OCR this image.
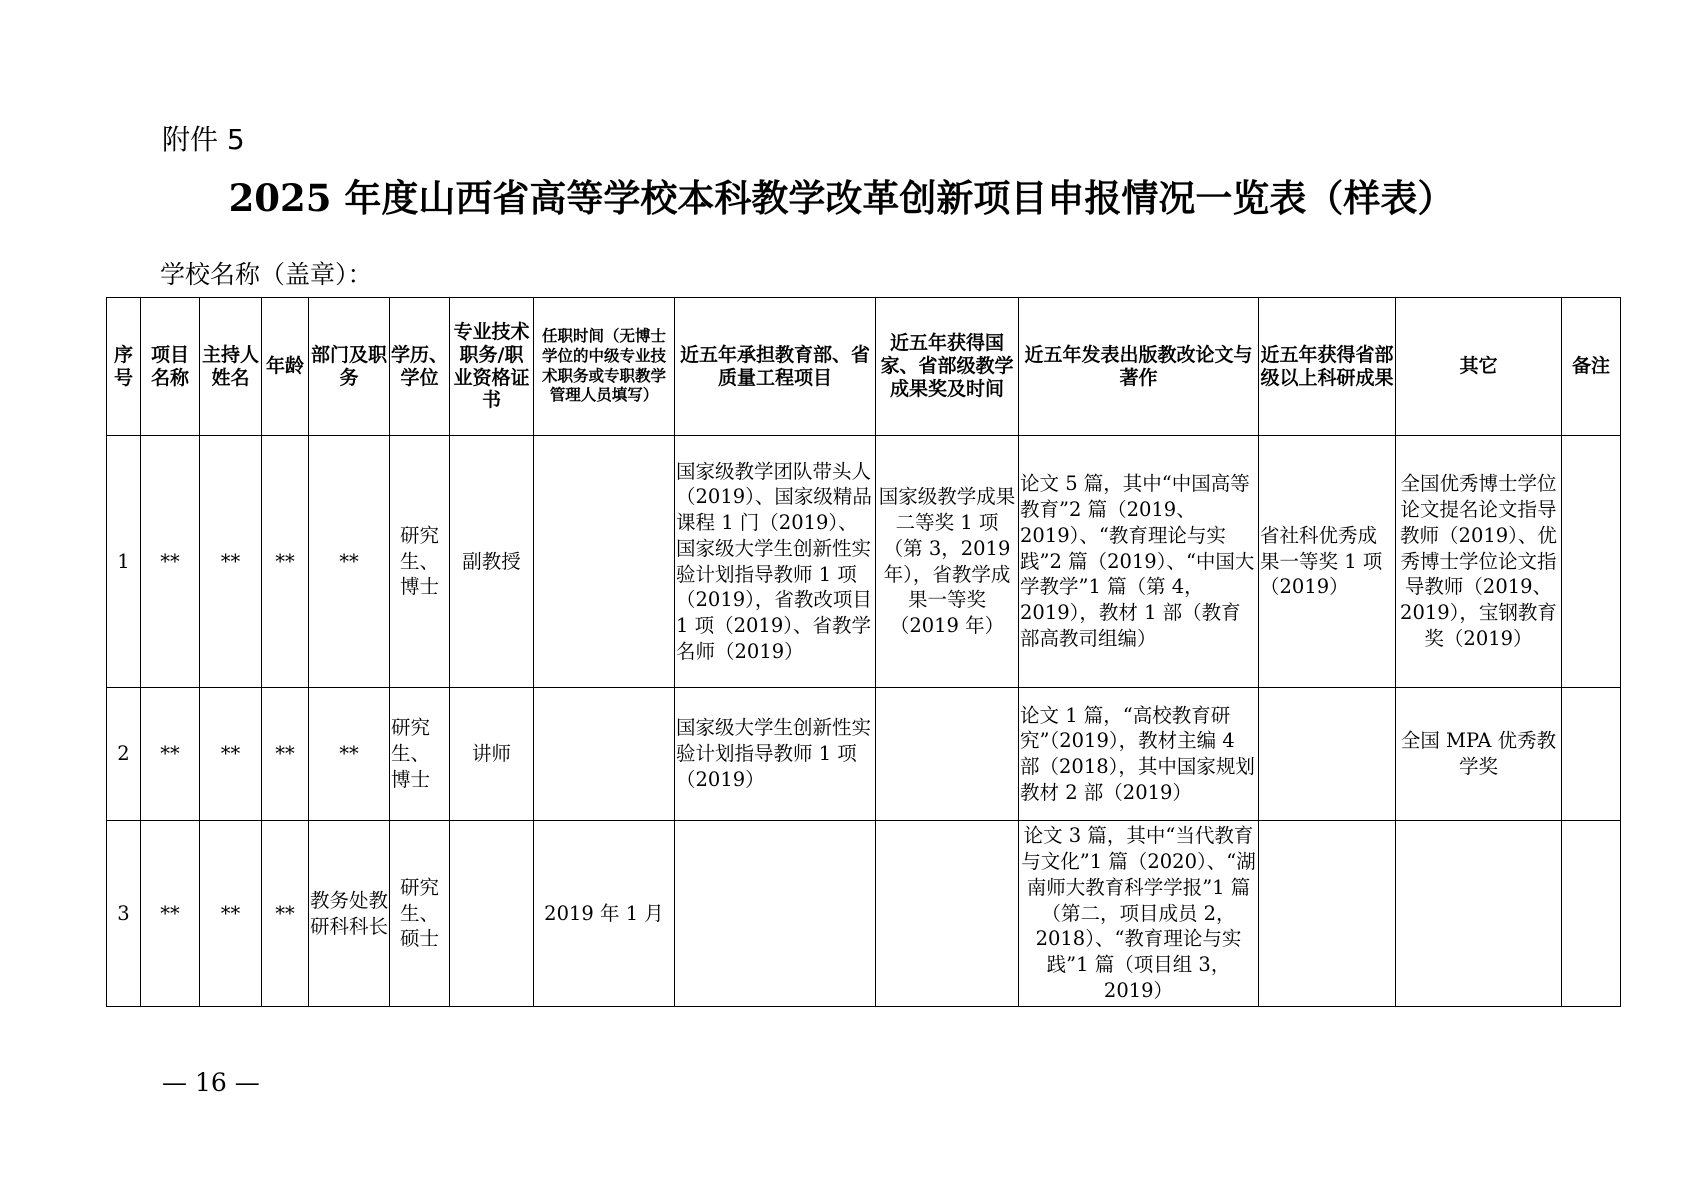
附件 5
2025 年度山西省高等学校本科教学改革创新项目申报情况一览表（样表）
学校名称（盖章）：
序号	项目名称	主持人姓名	年龄	部门及职务	学历、学位	专业技术职务/职业资格证书	任职时间（无博士学位的中级专业技术职务或专职教学管理人员填写）	近五年承担教育部、省质量工程项目	近五年获得国家、省部级教学成果奖及时间	近五年发表出版教改论文与著作	近五年获得省部级以上科研成果	其它	备注
1	**	**	**	**	研究生、博士	副教授		国家级教学团队带头人（2019）、国家级精品课程 1 门（2019）、国家级大学生创新性实验计划指导教师 1 项（2019），省教改项目 1 项（2019）、省教学名师（2019）	国家级教学成果二等奖 1 项（第 3，2019 年），省教学成果一等奖（2019 年）	论文 5 篇，其中“中国高等教育”2 篇（2019、2019）、“教育理论与实践”2 篇（2019）、“中国大学教学”1 篇（第 4，2019），教材 1 部（教育部高教司组编）	省社科优秀成果一等奖 1 项（2019）	全国优秀博士学位论文提名论文指导教师（2019）、优秀博士学位论文指导教师（2019、2019），宝钢教育奖（2019）	
2	**	**	**	**	研究生、博士	讲师		国家级大学生创新性实验计划指导教师 1 项（2019）		论文 1 篇，“高校教育研究”（2019），教材主编 4 部（2018），其中国家规划教材 2 部（2019）		全国 MPA 优秀教学奖	
3	**	**	**	教务处教研科科长	研究生、硕士		2019 年 1 月			论文 3 篇，其中“当代教育与文化”1 篇（2020）、“湖南师大教育科学学报”1 篇（第二，项目成员 2，2018）、“教育理论与实践”1 篇（项目组 3，2019）			
— 16 —
